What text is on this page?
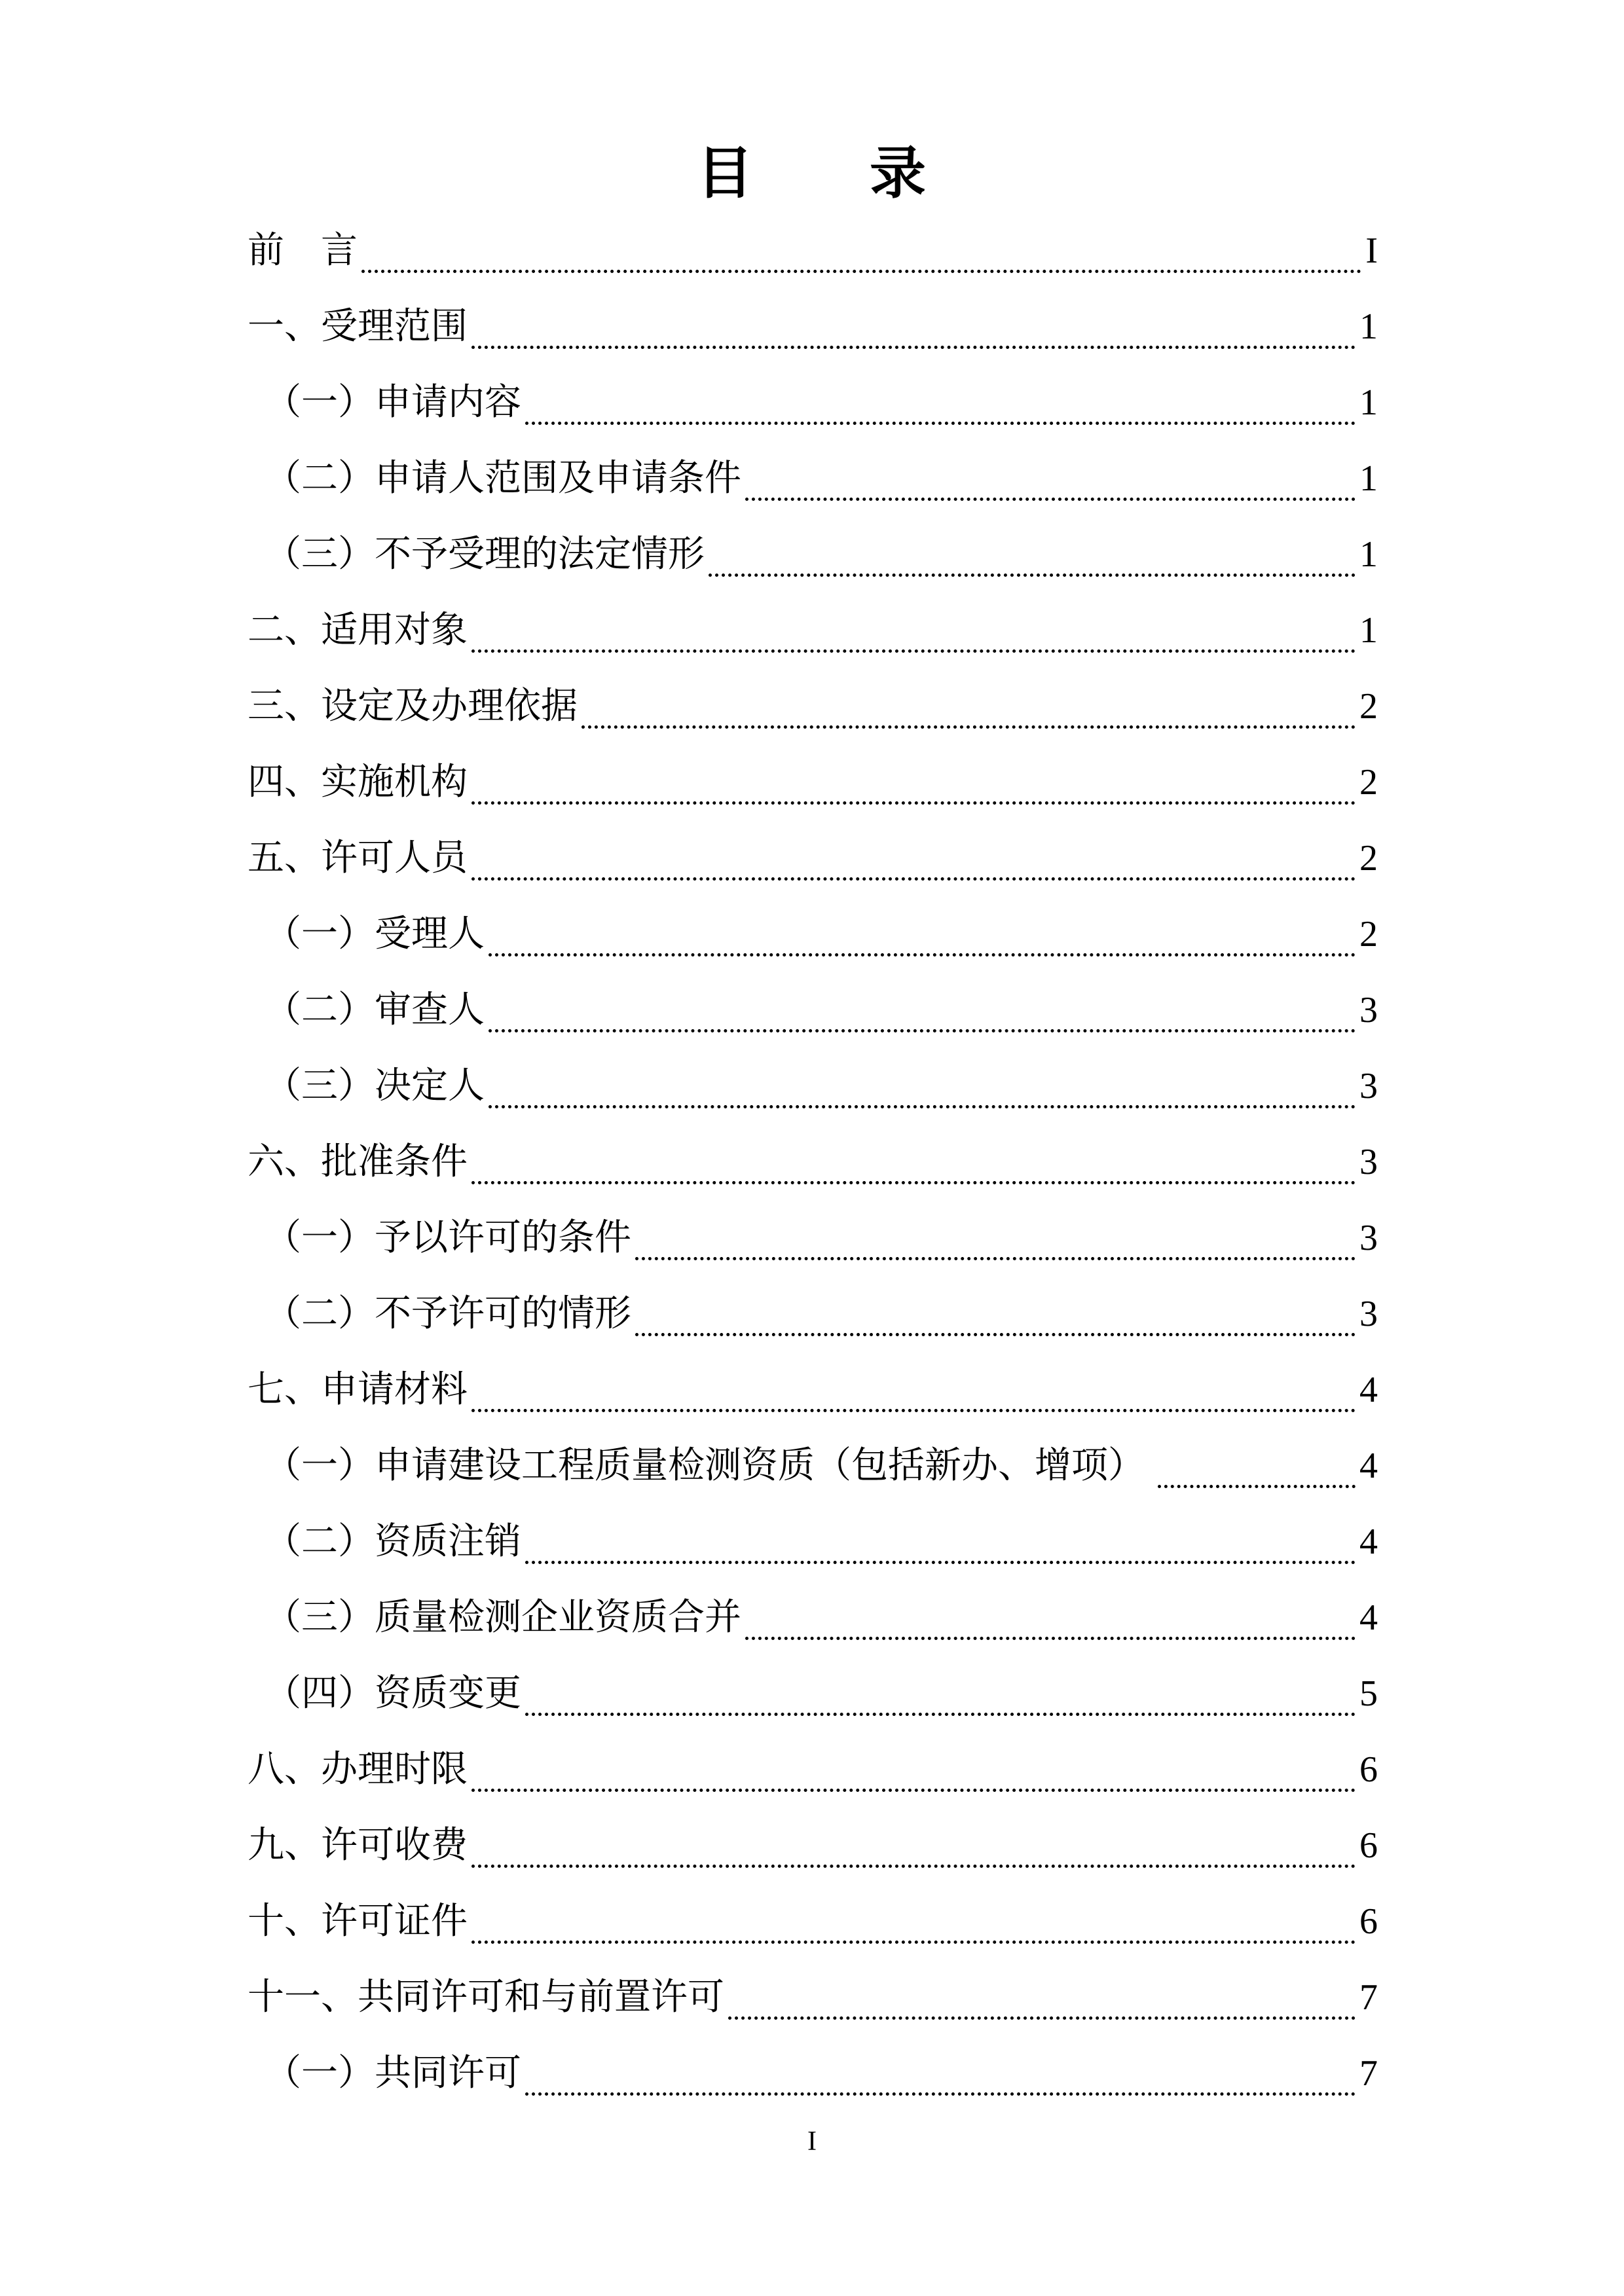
目　　录
前　言	I
一、受理范围	1
（一）申请内容	1
（二）申请人范围及申请条件	1
（三）不予受理的法定情形	1
二、适用对象	1
三、设定及办理依据	2
四、实施机构	2
五、许可人员	2
（一）受理人	2
（二）审查人	3
（三）决定人	3
六、批准条件	3
（一）予以许可的条件	3
（二）不予许可的情形	3
七、申请材料	4
（一）申请建设工程质量检测资质（包括新办、增项）	4
（二）资质注销	4
（三）质量检测企业资质合并	4
（四）资质变更	5
八、办理时限	6
九、许可收费	6
十、许可证件	6
十一、共同许可和与前置许可	7
（一）共同许可	7
I
